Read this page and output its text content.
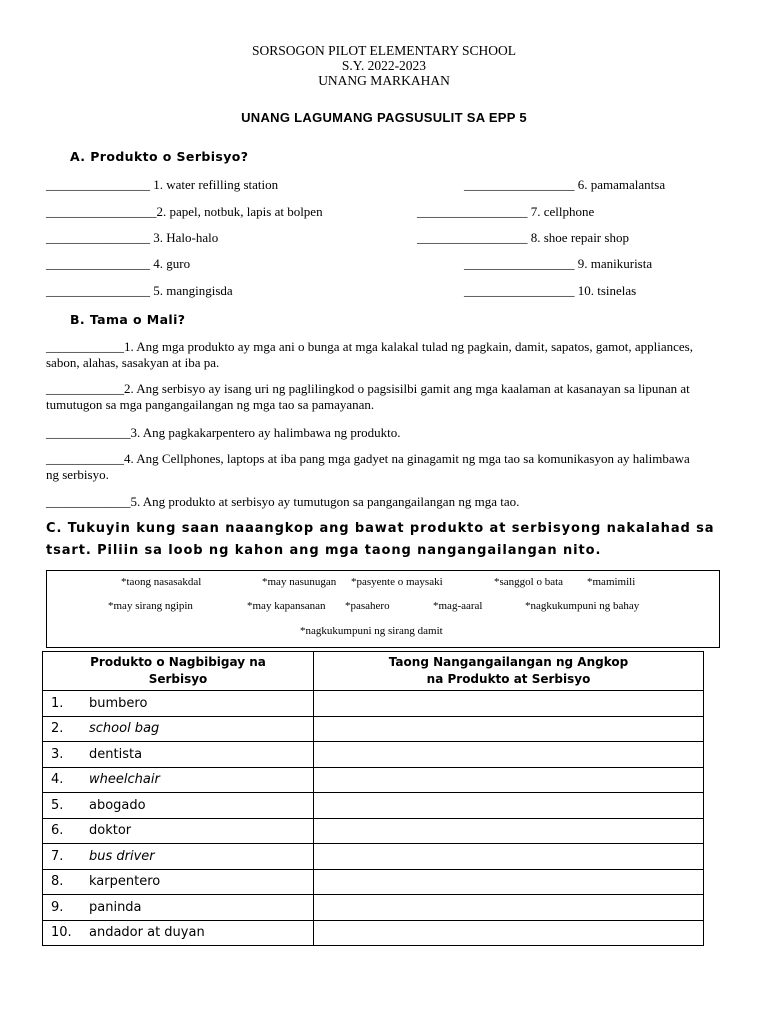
SORSOGON PILOT ELEMENTARY SCHOOL
S.Y. 2022-2023
UNANG MARKAHAN
UNANG LAGUMANG PAGSUSULIT SA EPP 5
A. Produkto o Serbisyo?
________________ 1. water refilling station
_________________2. papel, notbuk, lapis at bolpen
________________ 3. Halo-halo
________________ 4. guro
________________ 5. mangingisda
_________________ 6. pamamalantsa
_________________ 7. cellphone
_________________ 8. shoe repair shop
_________________ 9. manikurista
_________________ 10. tsinelas
B. Tama o Mali?
____________1. Ang mga produkto ay mga ani o bunga at mga kalakal tulad ng pagkain, damit, sapatos, gamot, appliances, sabon, alahas, sasakyan at iba pa.
____________2. Ang serbisyo ay isang uri ng paglilingkod o pagsisilbi gamit ang mga kaalaman at kasanayan sa lipunan at tumutugon sa mga pangangailangan ng mga tao sa pamayanan.
_____________3. Ang pagkakarpentero ay halimbawa ng produkto.
____________4. Ang Cellphones, laptops at iba pang mga gadyet na ginagamit ng mga tao sa komunikasyon ay halimbawa ng serbisyo.
_____________5. Ang produkto at serbisyo ay tumutugon sa pangangailangan ng mga tao.
C. Tukuyin kung saan naaangkop ang bawat produkto at serbisyong nakalahad sa tsart. Piliin sa loob ng kahon ang mga taong nangangailangan nito.
*taong nasasakdal	*may nasunugan *pasyente o maysaki	*sanggol o bata *mamimili
*may sirang ngipin	*may kapansanan *pasahero	*mag-aaral	*nagkukumpuni ng bahay
*nagkukumpuni ng sirang damit
Produkto o Nagbibigay na Serbisyo	Taong Nangangailangan ng Angkop na Produkto at Serbisyo

1. bumbero	
2. school bag	
3. dentista	
4. wheelchair	
5. abogado	
6. doktor	
7. bus driver	
8. karpentero	
9. paninda	
10. andador at duyan	
